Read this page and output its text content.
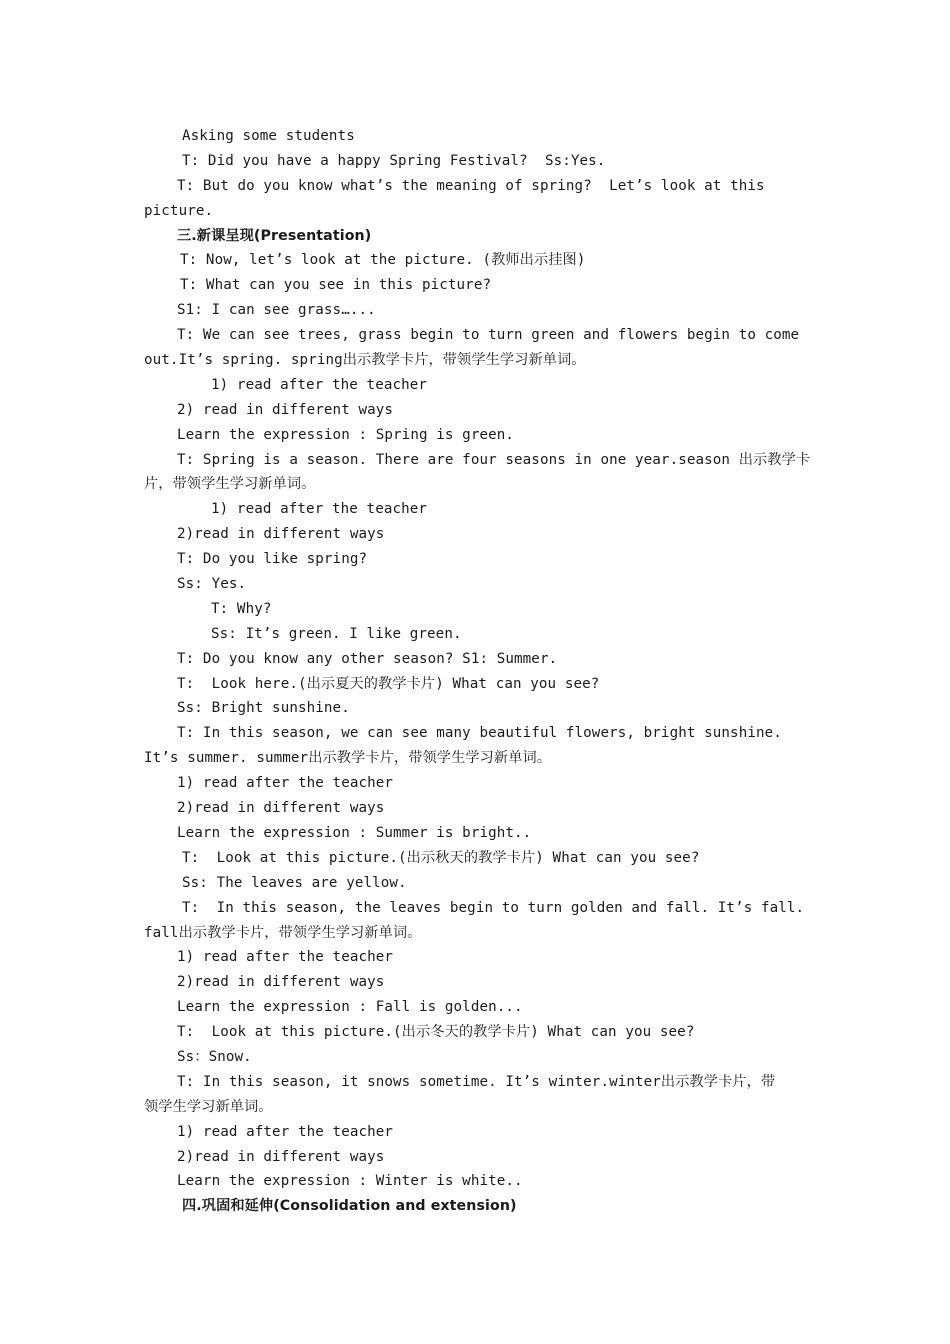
Asking some students
T: Did you have a happy Spring Festival?  Ss:Yes.
T: But do you know what’s the meaning of spring?  Let’s look at this
picture.
三.新课呈现(Presentation)
T: Now, let’s look at the picture. (教师出示挂图)
T: What can you see in this picture?
S1: I can see grass…...
T: We can see trees, grass begin to turn green and flowers begin to come
out.It’s spring. spring出示教学卡片，带领学生学习新单词。
1) read after the teacher
2) read in different ways
Learn the expression : Spring is green.
T: Spring is a season. There are four seasons in one year.season 出示教学卡
片，带领学生学习新单词。
1) read after the teacher
2)read in different ways
T: Do you like spring?
Ss: Yes.
T: Why?
Ss: It’s green. I like green.
T: Do you know any other season? S1: Summer.
T:  Look here.(出示夏天的教学卡片) What can you see?
Ss: Bright sunshine.
T: In this season, we can see many beautiful flowers, bright sunshine.
It’s summer. summer出示教学卡片，带领学生学习新单词。
1) read after the teacher
2)read in different ways
Learn the expression : Summer is bright..
T:  Look at this picture.(出示秋天的教学卡片) What can you see?
Ss: The leaves are yellow.
T:  In this season, the leaves begin to turn golden and fall. It’s fall.
fall出示教学卡片，带领学生学习新单词。
1) read after the teacher
2)read in different ways
Learn the expression : Fall is golden...
T:  Look at this picture.(出示冬天的教学卡片) What can you see?
Ss：Snow.
T: In this season, it snows sometime. It’s winter.winter出示教学卡片，带
领学生学习新单词。
1) read after the teacher
2)read in different ways
Learn the expression : Winter is white..
四.巩固和延伸(Consolidation and extension)
